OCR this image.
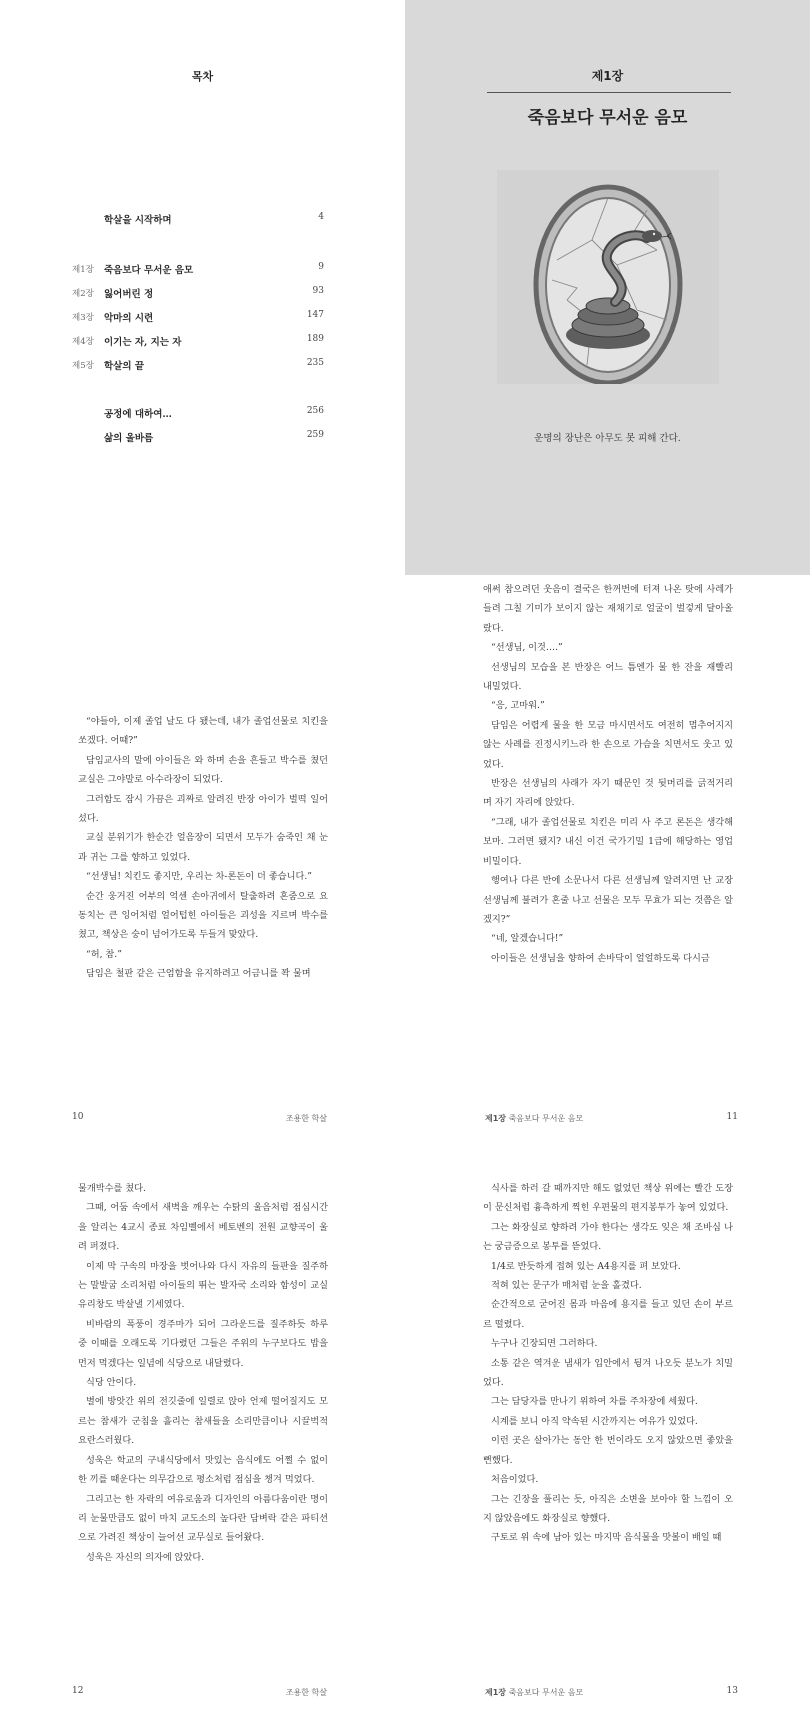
목차
학살을 시작하며	4
제1장 죽음보다 무서운 음모	9
제2장 잃어버린 정	93
제3장 악마의 시련	147
제4장 이기는 자, 지는 자	189
제5장 학살의 끝	235
공정에 대하여…	256
삶의 올바름	259
제1장
죽음보다 무서운 음모
운명의 장난은 아무도 못 피해 간다.

“야들아, 이제 졸업 날도 다 됐는데, 내가 졸업선물로 치킨을 쏘겠다. 어때?”

담임교사의 말에 아이들은 와 하며 손을 흔들고 박수를 쳤던 교실은 그야말로 아수라장이 되었다.

그러함도 잠시 가끔은 괴짜로 알려진 반장 아이가 벌떡 일어섰다.

교실 분위기가 한순간 얼음장이 되면서 모두가 숨죽인 채 눈과 귀는 그를 향하고 있었다.

“선생님! 치킨도 좋지만, 우리는 차-론돈이 더 좋습니다.”

순간 웅거진 어부의 억센 손아귀에서 탈출하려 혼줌으로 요동치는 큰 잉어처럼 얼어텁힌 아이들은 괴성을 지르며 박수를 쳤고, 책상은 숭이 넘어가도록 두들겨 맞았다.

“허, 참.”

담임은 철판 같은 근엄함을 유지하려고 어금니를 꽉 물며

10	조용한 학살

애써 참으려던 웃음이 결국은 한꺼번에 터져 나온 탓에 사레가 들려 그칠 기미가 보이지 않는 재채기로 얼굴이 벌겋게 달아올랐다.

“선생님, 이것….”

선생님의 모습을 본 반장은 어느 틈엔가 물 한 잔을 재빨리 내밀었다.

“응, 고마워.”

담임은 어렵게 물을 한 모금 마시면서도 여전히 멈추어지지 않는 사례를 진정시키느라 한 손으로 가슴을 치면서도 웃고 있었다.

반장은 선생님의 사래가 자기 때문인 것 뒷머리를 긁적거리며 자기 자리에 앉았다.

“그래, 내가 졸업선물로 치킨은 미리 사 주고 론돈은 생각해 보마. 그러면 됐지? 내신 이건 국가기밀 1급에 해당하는 영업비밀이다.

행여나 다른 반에 소문나서 다른 선생님께 알려지면 난 교장선생님께 불려가 혼줄 나고 선물은 모두 무효가 되는 것쯤은 알겠지?”

“네, 알겠습니다!”

아이들은 선생님을 향하여 손바닥이 얼얼하도록 다시금

제1장 죽음보다 무서운 음모	11

물개박수를 쳤다.

그때, 어둠 속에서 새벽을 깨우는 수탉의 울음처럼 점심시간을 알리는 4교시 종료 차임벨에서 베토벤의 전원 교향곡이 울려 퍼졌다.

이제 막 구속의 마장을 벗어나와 다시 자유의 들판을 질주하는 말발굽 소리처럼 아이들의 뛰는 발자국 소리와 함성이 교실 유리창도 박살낼 기세였다.

비바람의 폭풍이 경주마가 되어 그라운드를 질주하듯 하루 중 이때를 오래도록 기다렸던 그들은 주위의 누구보다도 밥을 먼저 먹겠다는 일념에 식당으로 내달렸다.

식당 안이다.

별에 방앗간 위의 전깃줄에 일렬로 앉아 언제 떨어질지도 모르는 참새가 군침을 흘리는 참새들을 소리만큼이나 시끌벅적 요란스러웠다.

성욱은 학교의 구내식당에서 맛있는 음식에도 어쩔 수 없이 한 끼를 때운다는 의무감으로 평소처럼 점심을 챙겨 먹었다.

그리고는 한 자락의 여유로움과 디자인의 아름다움이란 명이리 눈물만큼도 없이 마치 교도소의 높다란 담벼락 같은 파티션으로 가려진 책상이 늘어선 교무실로 들어왔다.

성욱은 자신의 의자에 앉았다.

12	조용한 학살

식사를 하러 갈 때까지만 해도 없었던 책상 위에는 빨간 도장이 문신처럼 흉측하게 찍힌 우편물의 편지봉투가 놓여 있었다.

그는 화장실로 향하려 가야 한다는 생각도 잊은 채 조바심 나는 궁금증으로 봉투를 뜯었다.

1/4로 반듯하게 접혀 있는 A4용지를 펴 보았다.

적혀 있는 문구가 매처럼 눈을 홀겼다.

순간적으로 굳어진 몸과 마음에 용지를 들고 있던 손이 부르르 떨렸다.

누구나 긴장되면 그러하다.

소통 같은 역겨운 냄새가 입안에서 뒹겨 나오듯 분노가 치밀었다.

그는 담당자를 만나기 위하여 차를 주차장에 세웠다.

시계를 보니 아직 약속된 시간까지는 여유가 있었다.

이런 곳은 살아가는 동안 한 번이라도 오지 않았으면 좋았을 뻔했다.

처음이었다.

그는 긴장을 풀리는 듯, 아직은 소변을 보아야 할 느낌이 오지 않았음에도 화장실로 향했다.

구토로 위 속에 남아 있는 마지막 음식물을 맛볼이 배일 때

제1장 죽음보다 무서운 음모	13
